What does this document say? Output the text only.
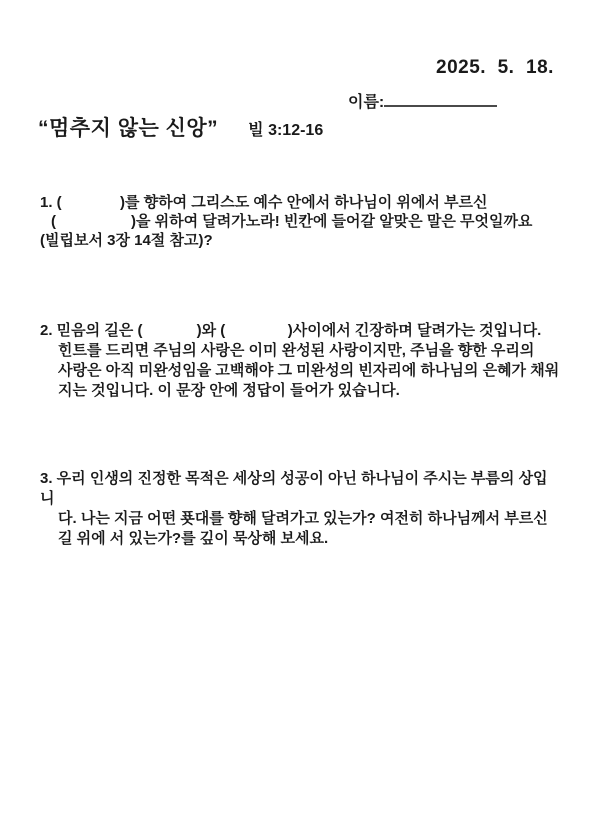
2025.  5.  18.
이름:
“멈추지 않는 신앙” 빌 3:12-16
1. (              )를 향하여 그리스도 예수 안에서 하나님이 위에서 부르신
(                  )을 위하여 달려가노라! 빈칸에 들어갈 알맞은 말은 무엇일까요
(빌립보서 3장 14절 참고)?
2. 믿음의 길은 (             )와 (               )사이에서 긴장하며 달려가는 것입니다.
힌트를 드리면 주님의 사랑은 이미 완성된 사랑이지만, 주님을 향한 우리의
사랑은 아직 미완성임을 고백해야 그 미완성의 빈자리에 하나님의 은혜가 채워
지는 것입니다. 이 문장 안에 정답이 들어가 있습니다.
3. 우리 인생의 진정한 목적은 세상의 성공이 아닌 하나님이 주시는 부름의 상입니
다. 나는 지금 어떤 푯대를 향해 달려가고 있는가? 여전히 하나님께서 부르신
길 위에 서 있는가?를 깊이 묵상해 보세요.
